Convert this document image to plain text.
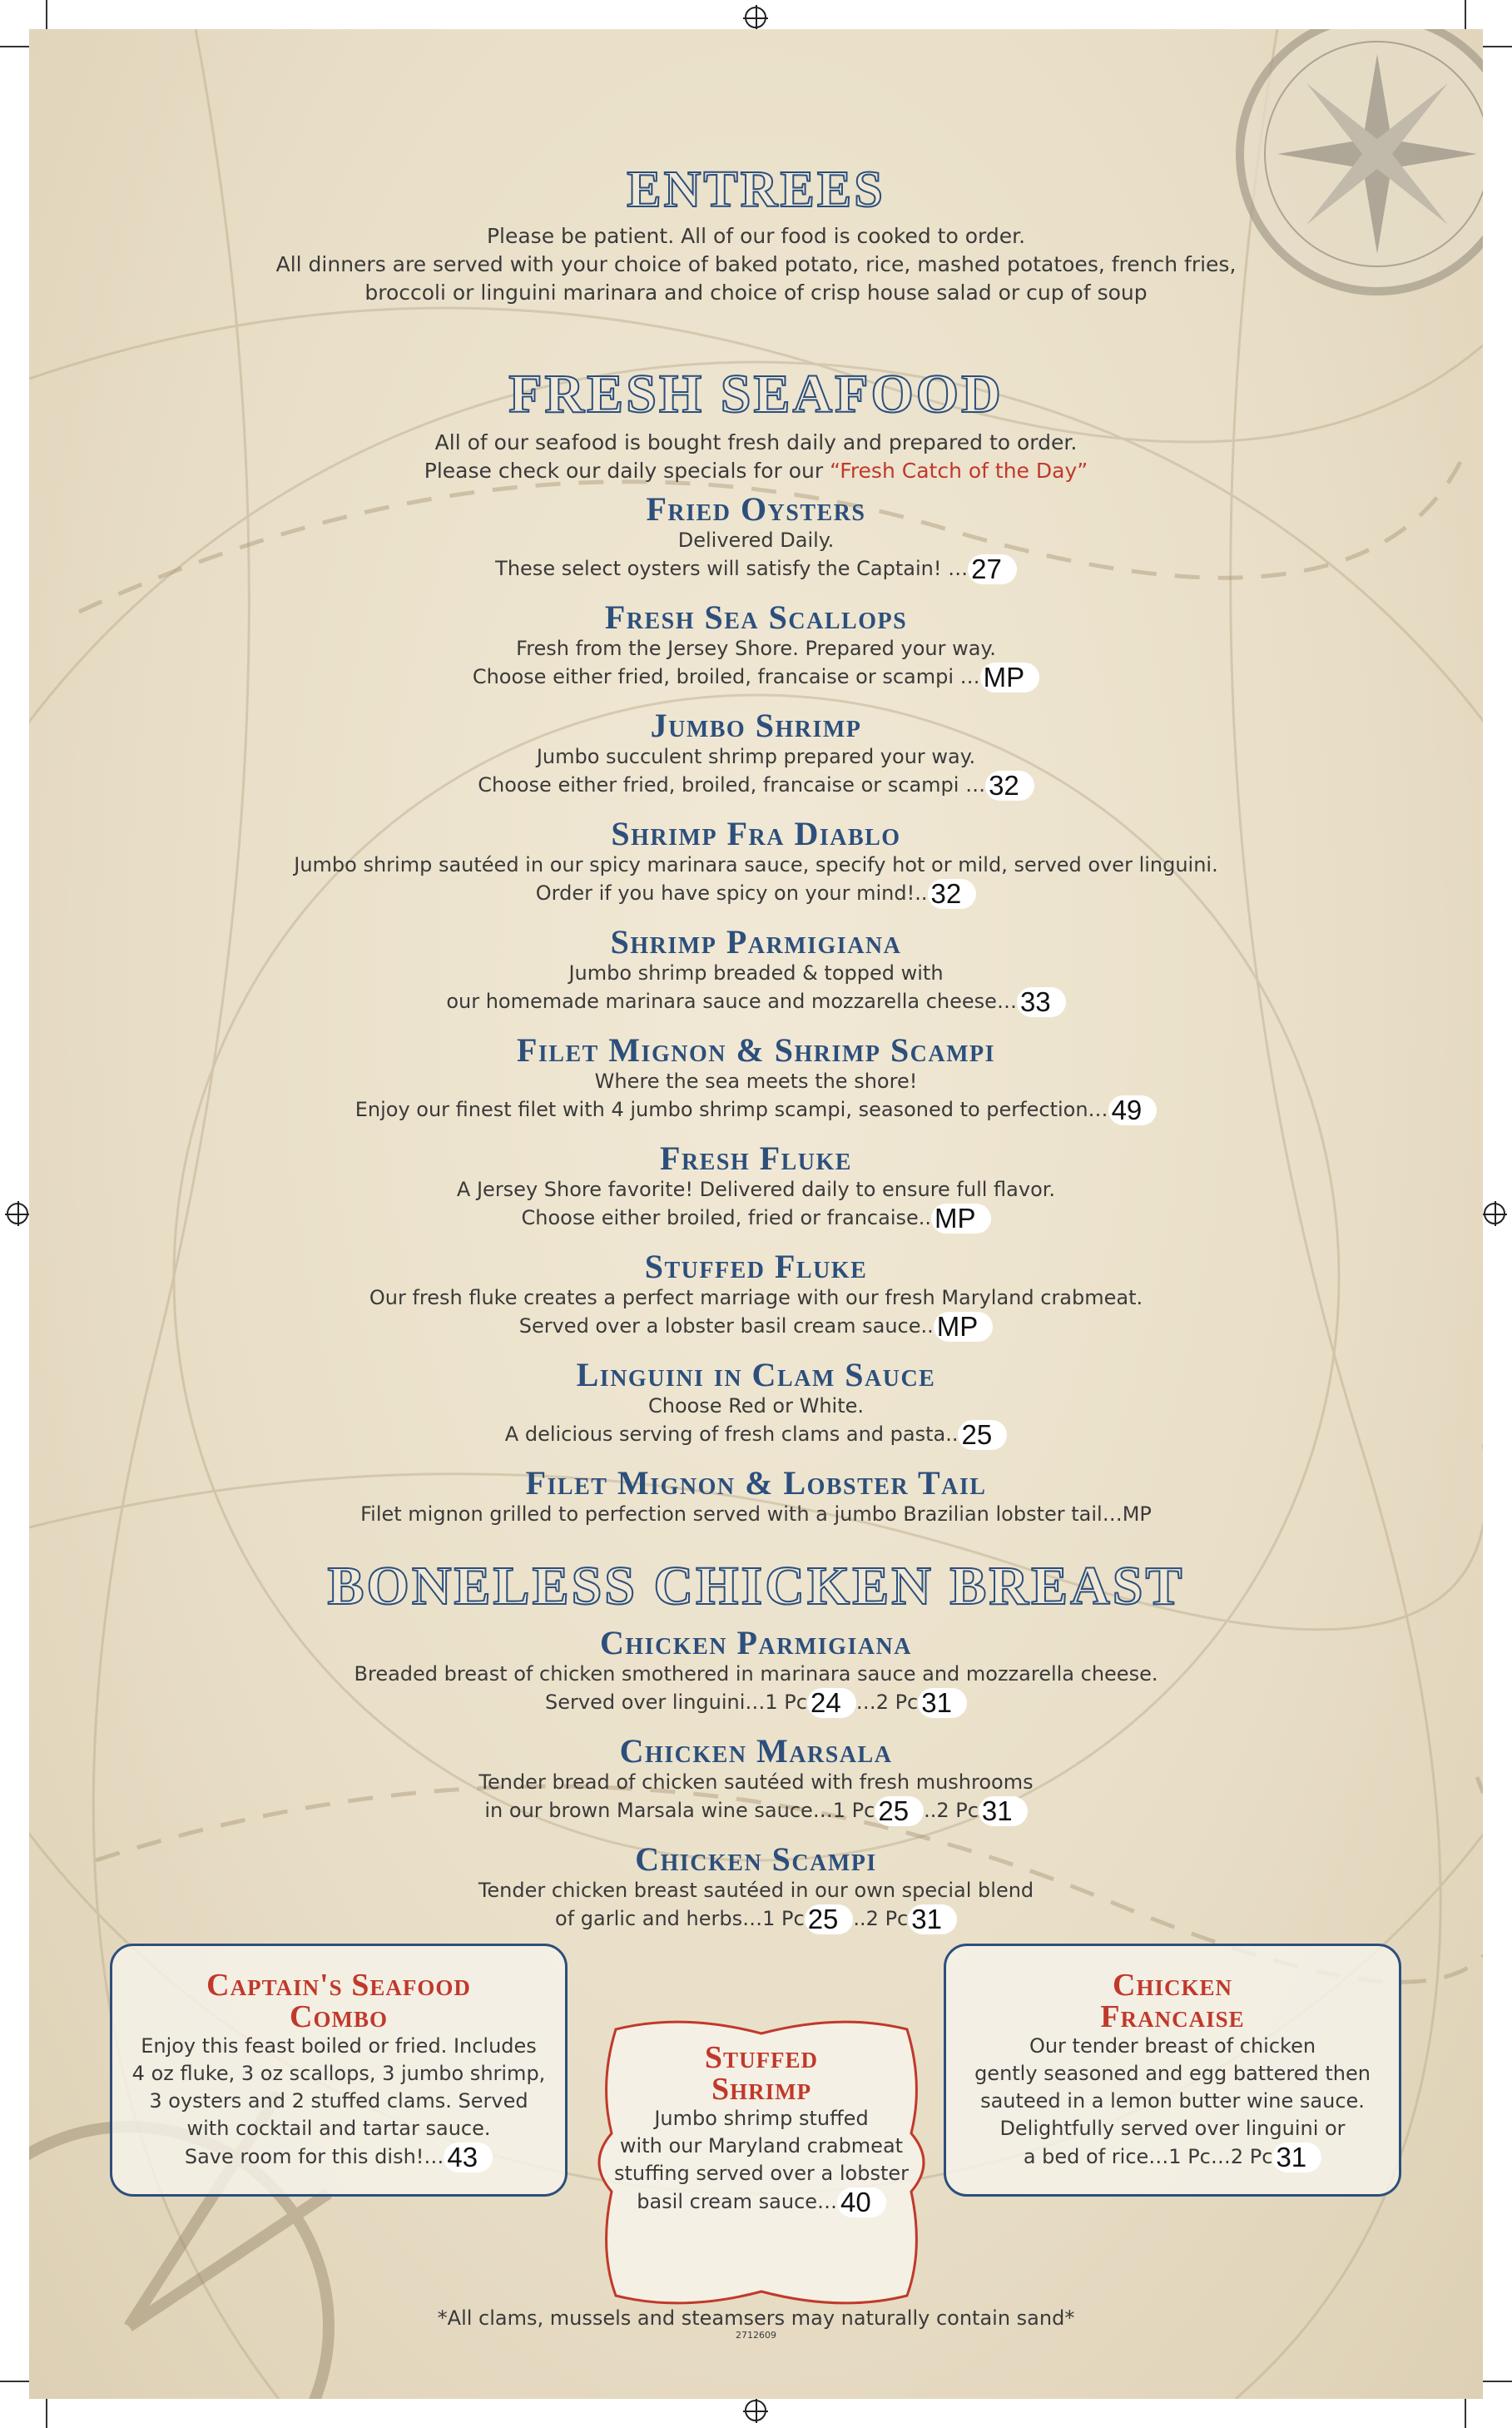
ENTREES

Please be patient. All of our food is cooked to order.

All dinners are served with your choice of baked potato, rice, mashed potatoes, french fries,

broccoli or linguini marinara and choice of crisp house salad or cup of soup

FRESH SEAFOOD

All of our seafood is bought fresh daily and prepared to order.

Please check our daily specials for our “Fresh Catch of the Day”

Fried Oysters

Delivered Daily.

These select oysters will satisfy the Captain! … 27

Fresh Sea Scallops

Fresh from the Jersey Shore. Prepared your way.

Choose either fried, broiled, francaise or scampi … MP

Jumbo Shrimp

Jumbo succulent shrimp prepared your way.

Choose either fried, broiled, francaise or scampi … 32

Shrimp Fra Diablo

Jumbo shrimp sautéed in our spicy marinara sauce, specify hot or mild, served over linguini.

Order if you have spicy on your mind!.. 32

Shrimp Parmigiana

Jumbo shrimp breaded & topped with

our homemade marinara sauce and mozzarella cheese… 33

Filet Mignon & Shrimp Scampi

Where the sea meets the shore!

Enjoy our finest filet with 4 jumbo shrimp scampi, seasoned to perfection… 49

Fresh Fluke

A Jersey Shore favorite! Delivered daily to ensure full flavor.

Choose either broiled, fried or francaise.. MP

Stuffed Fluke

Our fresh fluke creates a perfect marriage with our fresh Maryland crabmeat.

Served over a lobster basil cream sauce.. MP

Linguini in Clam Sauce

Choose Red or White.

A delicious serving of fresh clams and pasta.. 25

Filet Mignon & Lobster Tail

Filet mignon grilled to perfection served with a jumbo Brazilian lobster tail…MP

BONELESS CHICKEN BREAST
Chicken Parmigiana

Breaded breast of chicken smothered in marinara sauce and mozzarella cheese.

Served over linguini…1 Pc 24 …2 Pc 31

Chicken Marsala

Tender bread of chicken sautéed with fresh mushrooms

in our brown Marsala wine sauce…1 Pc 25 ..2 Pc 31

Chicken Scampi

Tender chicken breast sautéed in our own special blend

of garlic and herbs…1 Pc 25 ..2 Pc 31

Captain's Seafood

Combo

Enjoy this feast boiled or fried. Includes

4 oz fluke, 3 oz scallops, 3 jumbo shrimp,

3 oysters and 2 stuffed clams. Served

with cocktail and tartar sauce.

Save room for this dish!… 43

Stuffed

Shrimp

Jumbo shrimp stuffed

with our Maryland crabmeat

stuffing served over a lobster

basil cream sauce… 40

Chicken

Francaise

Our tender breast of chicken

gently seasoned and egg battered then

sauteed in a lemon butter wine sauce.

Delightfully served over linguini or

a bed of rice…1 Pc…2 Pc 31

*All clams, mussels and steamsers may naturally contain sand*

2712609
